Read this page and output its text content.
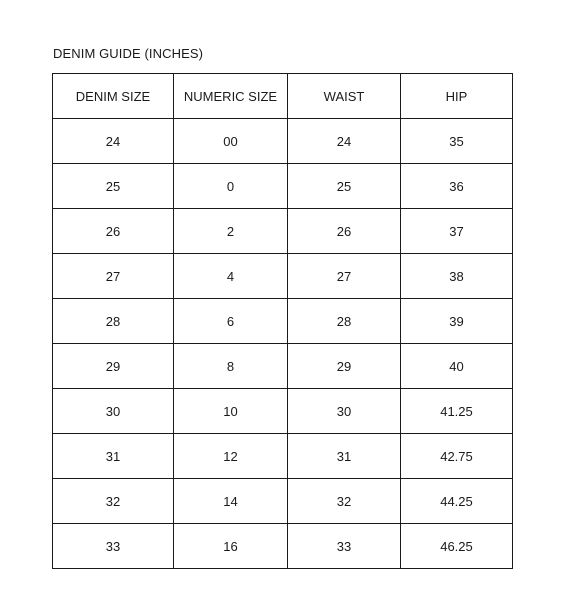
DENIM GUIDE (INCHES)
DENIM SIZE	NUMERIC SIZE	WAIST	HIP
24	00	24	35
25	0	25	36
26	2	26	37
27	4	27	38
28	6	28	39
29	8	29	40
30	10	30	41.25
31	12	31	42.75
32	14	32	44.25
33	16	33	46.25
